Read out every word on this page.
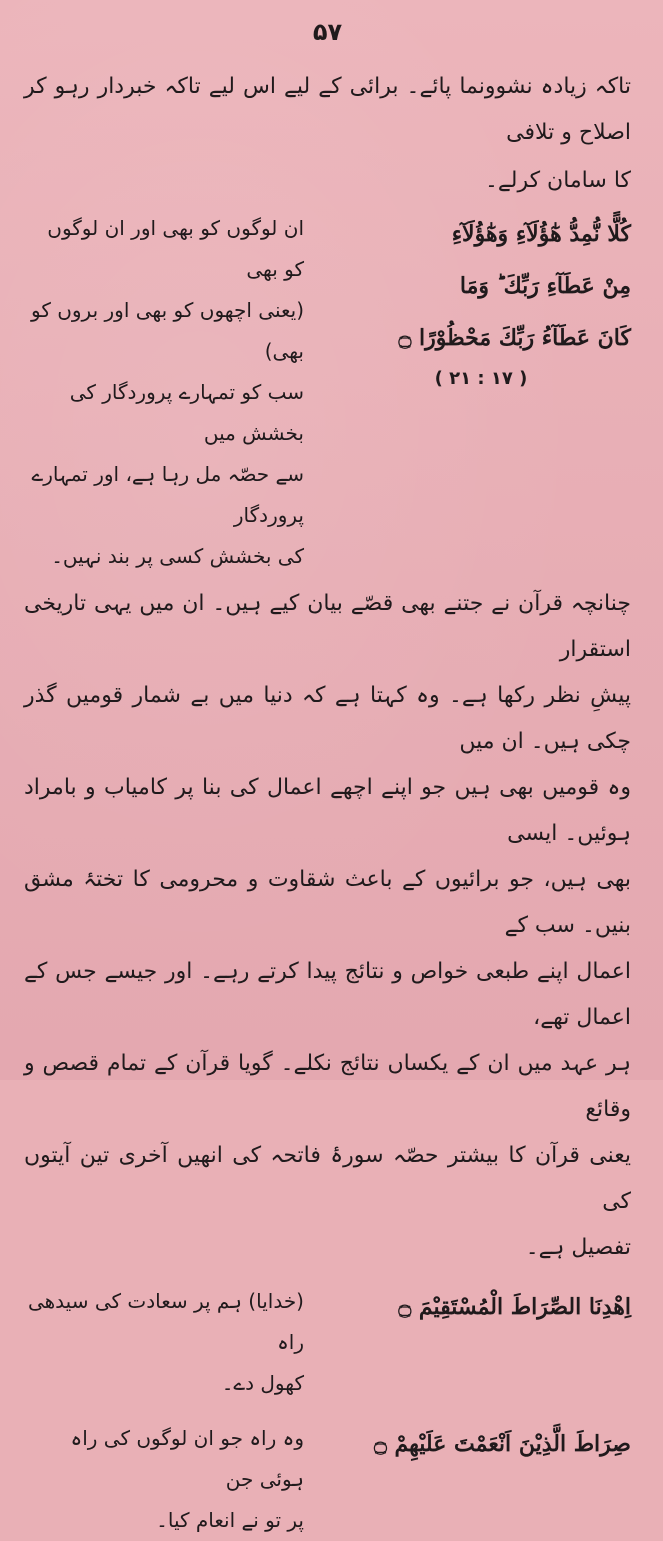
۵۷

تاکہ زیادہ نشوونما پائے۔ برائی کے لیے اس لیے تاکہ خبردار رہو کر اصلاح و تلافی

کا سامان کرلے۔

كُلًّا نُّمِدُّ هٰٓؤُلَآءِ وَهٰٓؤُلَآءِ

مِنْ عَطَآءِ رَبِّكَ ؕ وَمَا

كَانَ عَطَآءُ رَبِّكَ مَحْظُوْرًا ۝

( ١٧ : ٢١ )

ان لوگوں کو بھی اور ان لوگوں کو بھی

(یعنی اچھوں کو بھی اور بروں کو بھی)

سب کو تمہارے پروردگار کی بخشش میں

سے حصّہ مل رہا ہے، اور تمہارے پروردگار

کی بخشش کسی پر بند نہیں۔

چنانچہ قرآن نے جتنے بھی قصّے بیان کیے ہیں۔ ان میں یہی تاریخی استقرار

پیشِ نظر رکھا ہے۔ وہ کہتا ہے کہ دنیا میں بے شمار قومیں گذر چکی ہیں۔ ان میں

وہ قومیں بھی ہیں جو اپنے اچھے اعمال کی بنا پر کامیاب و بامراد ہوئیں۔ ایسی

بھی ہیں، جو برائیوں کے باعث شقاوت و محرومی کا تختۂ مشق بنیں۔ سب کے

اعمال اپنے طبعی خواص و نتائج پیدا کرتے رہے۔ اور جیسے جس کے اعمال تھے،

ہر عہد میں ان کے یکساں نتائج نکلے۔ گویا قرآن کے تمام قصص و وقائع

یعنی قرآن کا بیشتر حصّہ سورۂ فاتحہ کی انھیں آخری تین آیتوں کی

تفصیل ہے۔

اِهْدِنَا الصِّرَاطَ الْمُسْتَقِيْمَ ۝

(خدایا) ہم پر سعادت کی سیدھی راہ

کھول دے۔

صِرَاطَ الَّذِيْنَ اَنْعَمْتَ عَلَيْهِمْ ۝

وہ راہ جو ان لوگوں کی راہ ہوئی جن

پر تو نے انعام کیا۔
